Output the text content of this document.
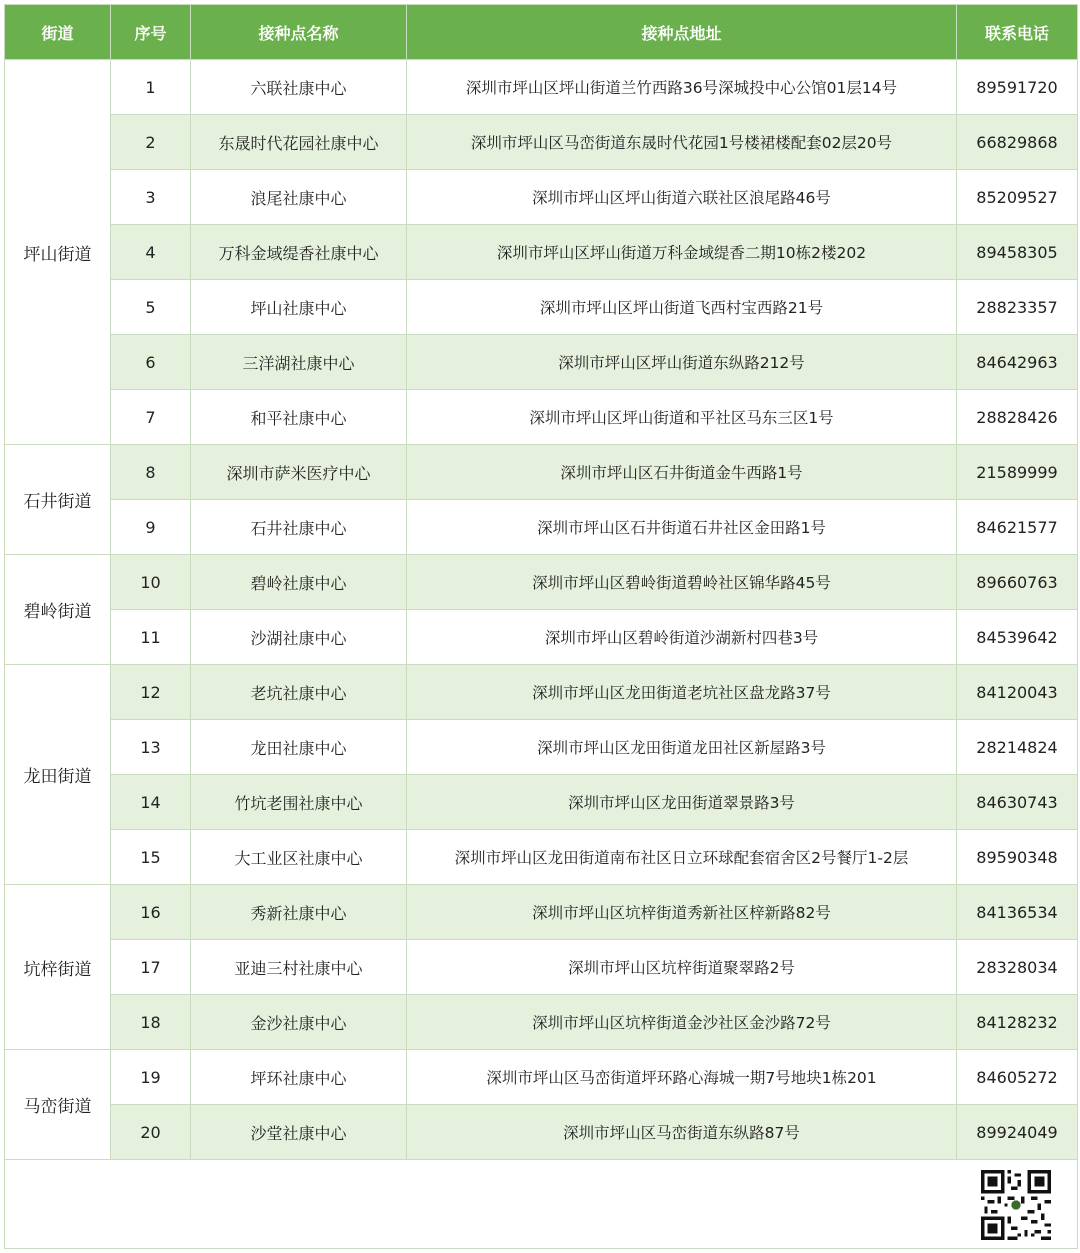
街道	序号	接种点名称	接种点地址	联系电话
坪山街道	1	六联社康中心	深圳市坪山区坪山街道兰竹西路36号深城投中心公馆01层14号	89591720
	2	东晟时代花园社康中心	深圳市坪山区马峦街道东晟时代花园1号楼裙楼配套02层20号	66829868
	3	浪尾社康中心	深圳市坪山区坪山街道六联社区浪尾路46号	85209527
	4	万科金域缇香社康中心	深圳市坪山区坪山街道万科金域缇香二期10栋2楼202	89458305
	5	坪山社康中心	深圳市坪山区坪山街道飞西村宝西路21号	28823357
	6	三洋湖社康中心	深圳市坪山区坪山街道东纵路212号	84642963
	7	和平社康中心	深圳市坪山区坪山街道和平社区马东三区1号	28828426
石井街道	8	深圳市萨米医疗中心	深圳市坪山区石井街道金牛西路1号	21589999
	9	石井社康中心	深圳市坪山区石井街道石井社区金田路1号	84621577
碧岭街道	10	碧岭社康中心	深圳市坪山区碧岭街道碧岭社区锦华路45号	89660763
	11	沙湖社康中心	深圳市坪山区碧岭街道沙湖新村四巷3号	84539642
龙田街道	12	老坑社康中心	深圳市坪山区龙田街道老坑社区盘龙路37号	84120043
	13	龙田社康中心	深圳市坪山区龙田街道龙田社区新屋路3号	28214824
	14	竹坑老围社康中心	深圳市坪山区龙田街道翠景路3号	84630743
	15	大工业区社康中心	深圳市坪山区龙田街道南布社区日立环球配套宿舍区2号餐厅1-2层	89590348
坑梓街道	16	秀新社康中心	深圳市坪山区坑梓街道秀新社区梓新路82号	84136534
	17	亚迪三村社康中心	深圳市坪山区坑梓街道聚翠路2号	28328034
	18	金沙社康中心	深圳市坪山区坑梓街道金沙社区金沙路72号	84128232
马峦街道	19	坪环社康中心	深圳市坪山区马峦街道坪环路心海城一期7号地块1栋201	84605272
	20	沙堂社康中心	深圳市坪山区马峦街道东纵路87号	89924049
